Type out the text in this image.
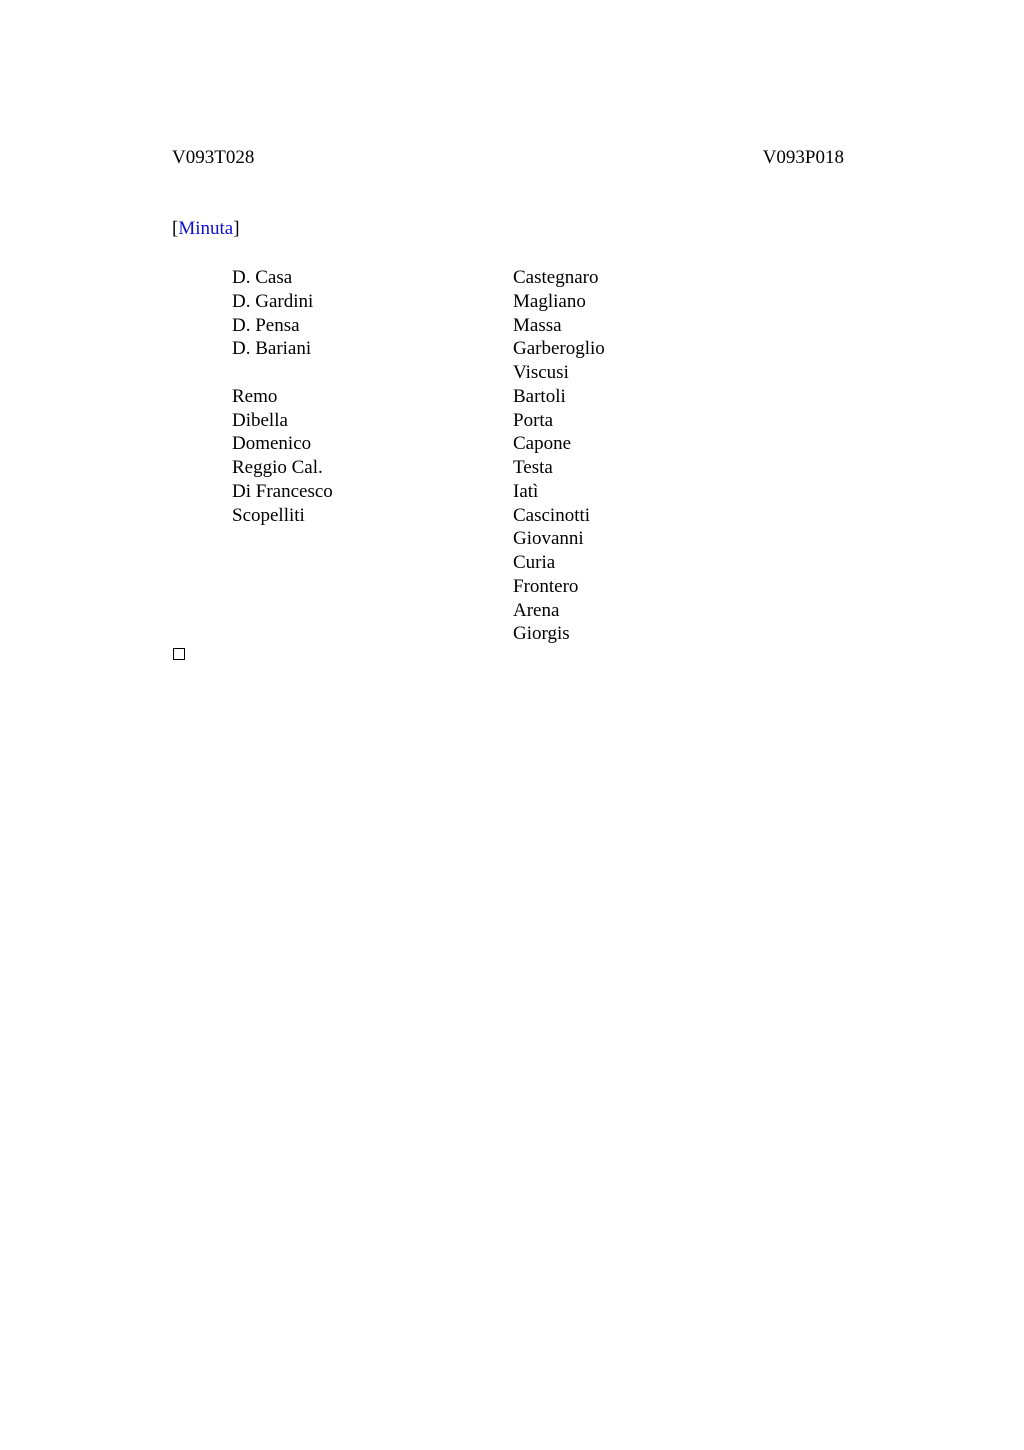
V093T028	V093P018
[Minuta]
D. Casa
D. Gardini
D. Pensa
D. Bariani
Remo
Dibella
Domenico
Reggio Cal.
Di Francesco
Scopelliti
Castegnaro
Magliano
Massa
Garberoglio
Viscusi
Bartoli
Porta
Capone
Testa
Iatì
Cascinotti
Giovanni
Curia
Frontero
Arena
Giorgis
